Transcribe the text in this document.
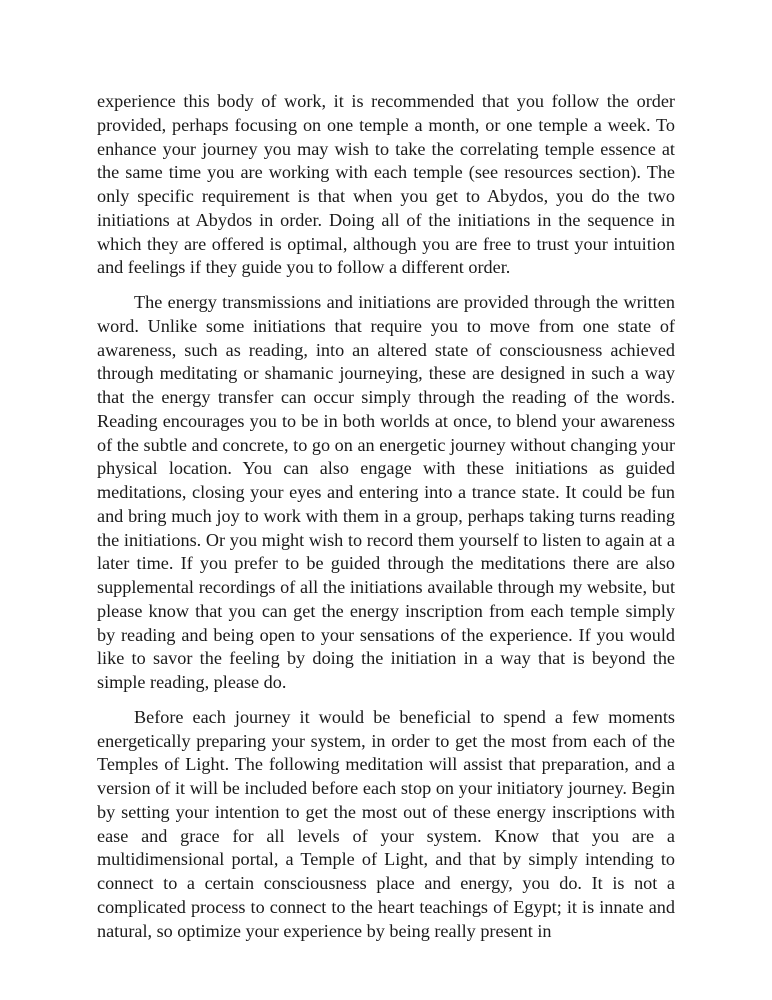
experience this body of work, it is recommended that you follow the order provided, perhaps focusing on one temple a month, or one temple a week. To enhance your journey you may wish to take the correlating temple essence at the same time you are working with each temple (see resources section). The only specific requirement is that when you get to Abydos, you do the two initiations at Abydos in order. Doing all of the initiations in the sequence in which they are offered is optimal, although you are free to trust your intuition and feelings if they guide you to follow a different order.

The energy transmissions and initiations are provided through the written word. Unlike some initiations that require you to move from one state of awareness, such as reading, into an altered state of consciousness achieved through meditating or shamanic journeying, these are designed in such a way that the energy transfer can occur simply through the reading of the words. Reading encourages you to be in both worlds at once, to blend your awareness of the subtle and concrete, to go on an energetic journey without changing your physical location. You can also engage with these initiations as guided meditations, closing your eyes and entering into a trance state. It could be fun and bring much joy to work with them in a group, perhaps taking turns reading the initiations. Or you might wish to record them yourself to listen to again at a later time. If you prefer to be guided through the meditations there are also supplemental recordings of all the initiations available through my website, but please know that you can get the energy inscription from each temple simply by reading and being open to your sensations of the experience. If you would like to savor the feeling by doing the initiation in a way that is beyond the simple reading, please do.

Before each journey it would be beneficial to spend a few moments energetically preparing your system, in order to get the most from each of the Temples of Light. The following meditation will assist that preparation, and a version of it will be included before each stop on your initiatory journey. Begin by setting your intention to get the most out of these energy inscriptions with ease and grace for all levels of your system. Know that you are a multidimensional portal, a Temple of Light, and that by simply intending to connect to a certain consciousness place and energy, you do. It is not a complicated process to connect to the heart teachings of Egypt; it is innate and natural, so optimize your experience by being really present in
